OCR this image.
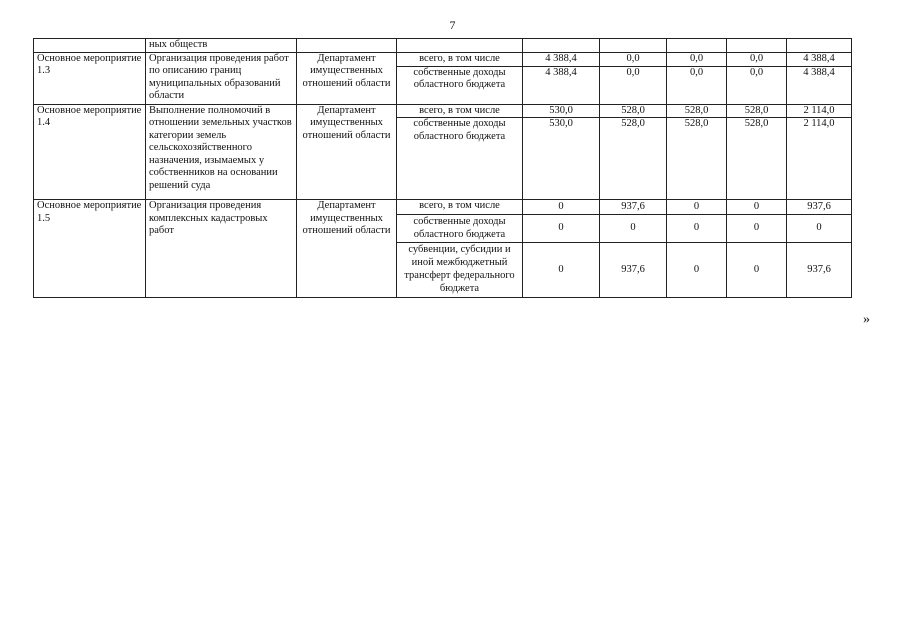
7
	ных обществ							
Основное мероприятие 1.3	Организация проведения работ по описанию границ муниципальных образований области	Департамент имущественных отношений области	всего, в том числе	4 388,4	0,0	0,0	0,0	4 388,4
			собственные доходы областного бюджета	4 388,4	0,0	0,0	0,0	4 388,4
Основное мероприятие 1.4	Выполнение полномочий в отношении земельных участков категории земель сельскохозяйственного назначения, изымаемых у собственников на основании решений суда	Департамент имущественных отношений области	всего, в том числе	530,0	528,0	528,0	528,0	2 114,0
			собственные доходы областного бюджета	530,0	528,0	528,0	528,0	2 114,0
Основное мероприятие 1.5	Организация проведения комплексных кадастровых работ	Департамент имущественных отношений области	всего, в том числе	0	937,6	0	0	937,6
			собственные доходы областного бюджета	0	0	0	0	0
			субвенции, субсидии и иной межбюджетный трансферт федерального бюджета	0	937,6	0	0	937,6
»
